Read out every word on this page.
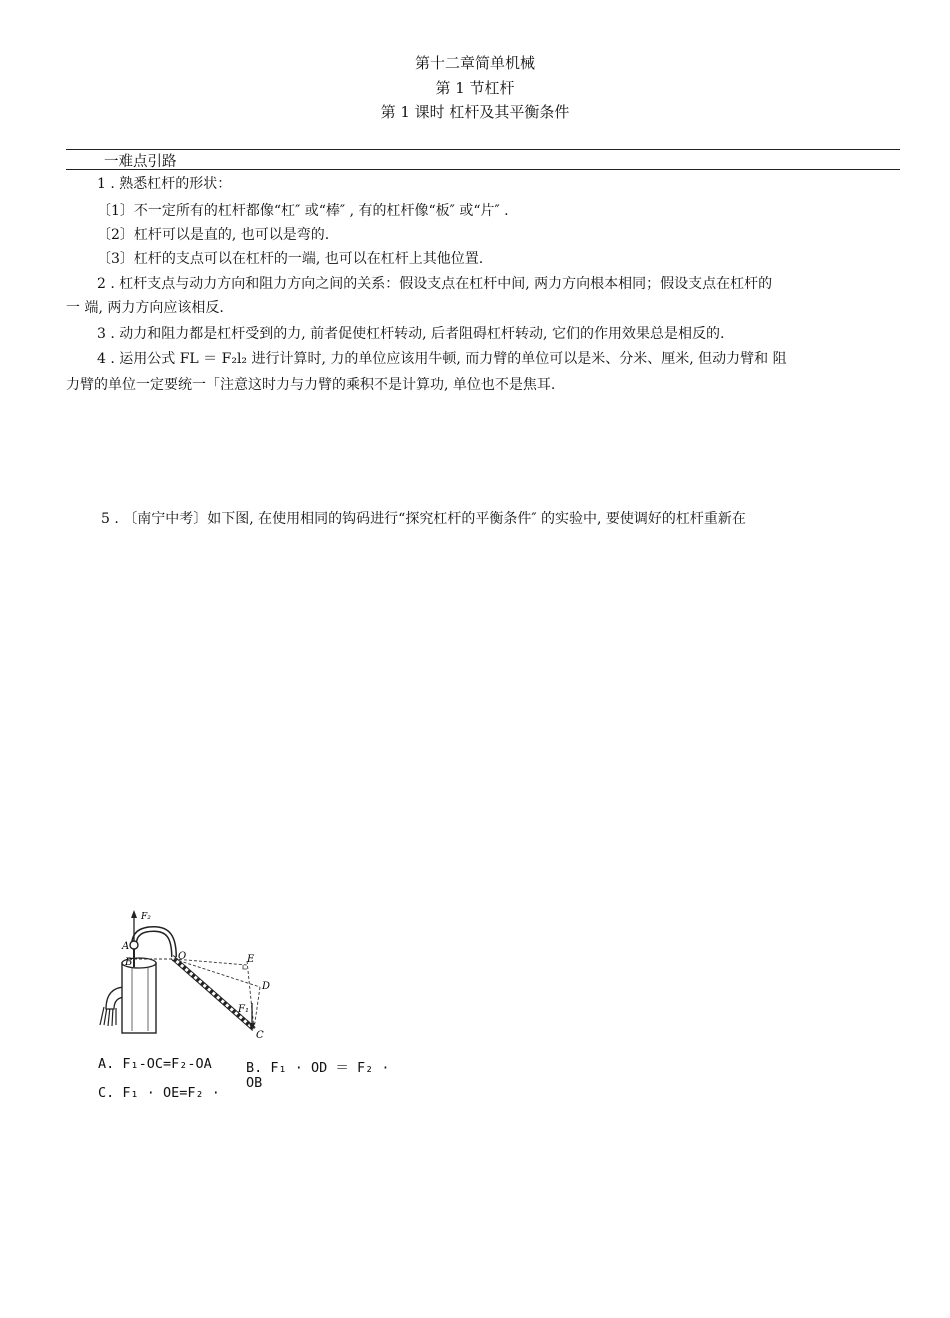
第十二章简单机械
第 1 节杠杆
第 1 课时 杠杆及其平衡条件
一难点引路
1 . 熟悉杠杆的形状：
〔1〕不一定所有的杠杆都像“杠″ 或“棒″ , 有的杠杆像“板″ 或“片″ .
〔2〕杠杆可以是直的, 也可以是弯的.
〔3〕杠杆的支点可以在杠杆的一端, 也可以在杠杆上其他位置.
2 . 杠杆支点与动力方向和阻力方向之间的关系：假设支点在杠杆中间, 两力方向根本相同；假设支点在杠杆的
一 端, 两力方向应该相反.
3 . 动力和阻力都是杠杆受到的力, 前者促使杠杆转动, 后者阻碍杠杆转动, 它们的作用效果总是相反的.
4 . 运用公式 FL ＝ F₂l₂ 进行计算时, 力的单位应该用牛顿, 而力臂的单位可以是米、分米、厘米, 但动力臂和 阻
力臂的单位一定要统一「注意这时力与力臂的乘积不是计算功, 单位也不是焦耳.
5 . 〔南宁中考〕如下图, 在使用相同的钩码进行“探究杠杆的平衡条件″ 的实验中, 要使调好的杠杆重新在
F₂
A
B
O	E
D
F₁
C
A. F₁-OC=F₂-OA	B. F₁ · OD ＝ F₂ ·
OB
C. F₁ · OE=F₂ ·
